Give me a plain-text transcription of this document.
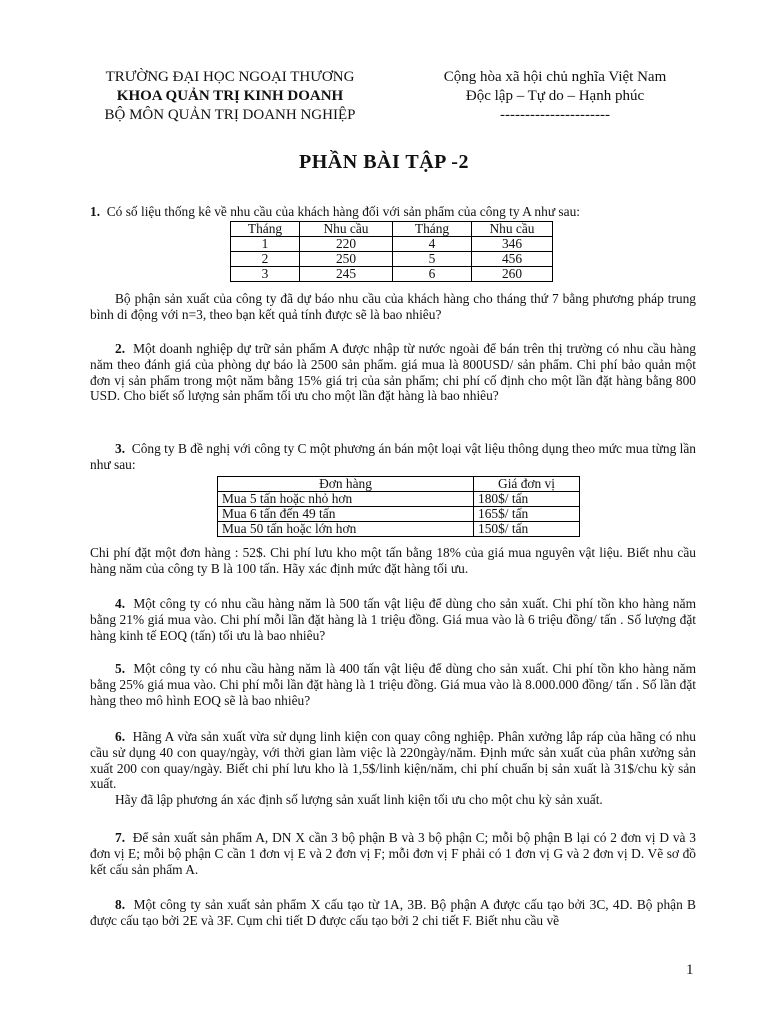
TRƯỜNG ĐẠI HỌC NGOẠI THƯƠNG
KHOA QUẢN TRỊ KINH DOANH
BỘ MÔN QUẢN TRỊ DOANH NGHIỆP
Cộng hòa xã hội chủ nghĩa Việt Nam
Độc lập – Tự do – Hạnh phúc
----------------------
PHẦN BÀI TẬP -2

1. Có số liệu thống kê về nhu cầu của khách hàng đối với sản phẩm của công ty A như sau:

Tháng	Nhu cầu	Tháng	Nhu cầu
1	220	4	346
2	250	5	456
3	245	6	260

Bộ phận sản xuất của công ty đã dự báo nhu cầu của khách hàng cho tháng thứ 7 bằng phương pháp trung bình di động với n=3, theo bạn kết quả tính được sẽ là bao nhiêu?

2. Một doanh nghiệp dự trữ sản phẩm A được nhập từ nước ngoài để bán trên thị trường có nhu cầu hàng năm theo đánh giá của phòng dự báo là 2500 sản phẩm. giá mua là 800USD/ sản phẩm. Chi phí bảo quản một đơn vị sản phẩm trong một năm bằng 15% giá trị của sản phẩm; chi phí cố định cho một lần đặt hàng bằng 800 USD. Cho biết số lượng sản phẩm tối ưu cho một lần đặt hàng là bao nhiêu?

3. Công ty B đề nghị với công ty C một phương án bán một loại vật liệu thông dụng theo mức mua từng lần như sau:

Đơn hàng	Giá đơn vị
Mua 5 tấn hoặc nhỏ hơn	180$/ tấn
Mua 6 tấn đến 49 tấn	165$/ tấn
Mua 50 tấn hoặc lớn hơn	150$/ tấn

Chi phí đặt một đơn hàng : 52$. Chi phí lưu kho một tấn bằng 18% của giá mua nguyên vật liệu. Biết nhu cầu hàng năm của công ty B là 100 tấn. Hãy xác định mức đặt hàng tối ưu.

4. Một công ty có nhu cầu hàng năm là 500 tấn vật liệu để dùng cho sản xuất. Chi phí tồn kho hàng năm bằng 21% giá mua vào. Chi phí mỗi lần đặt hàng là 1 triệu đồng. Giá mua vào là 6 triệu đồng/ tấn . Số lượng đặt hàng kinh tế EOQ (tấn) tối ưu là bao nhiêu?

5. Một công ty có nhu cầu hàng năm là 400 tấn vật liệu để dùng cho sản xuất. Chi phí tồn kho hàng năm bằng 25% giá mua vào. Chi phí mỗi lần đặt hàng là 1 triệu đồng. Giá mua vào là 8.000.000 đồng/ tấn . Số lần đặt hàng theo mô hình EOQ sẽ là bao nhiêu?

6. Hãng A vừa sản xuất vừa sử dụng linh kiện con quay công nghiệp. Phân xưởng lắp ráp của hãng có nhu cầu sử dụng 40 con quay/ngày, với thời gian làm việc là 220ngày/năm. Định mức sản xuất của phân xưởng sản xuất 200 con quay/ngày. Biết chi phí lưu kho là 1,5$/linh kiện/năm, chi phí chuẩn bị sản xuất là 31$/chu kỳ sản xuất.

Hãy đã lập phương án xác định số lượng sản xuất linh kiện tối ưu cho một chu kỳ sản xuất.

7. Để sản xuất sản phẩm A, DN X cần 3 bộ phận B và 3 bộ phận C; mỗi bộ phận B lại có 2 đơn vị D và 3 đơn vị E; mỗi bộ phận C cần 1 đơn vị E và 2 đơn vị F; mỗi đơn vị F phải có 1 đơn vị G và 2 đơn vị D. Vẽ sơ đồ kết cấu sản phẩm A.

8. Một công ty sản xuất sản phẩm X cấu tạo từ 1A, 3B. Bộ phận A được cấu tạo bởi 3C, 4D. Bộ phận B được cấu tạo bởi 2E và 3F. Cụm chi tiết D được cấu tạo bởi 2 chi tiết F. Biết nhu cầu về

1
